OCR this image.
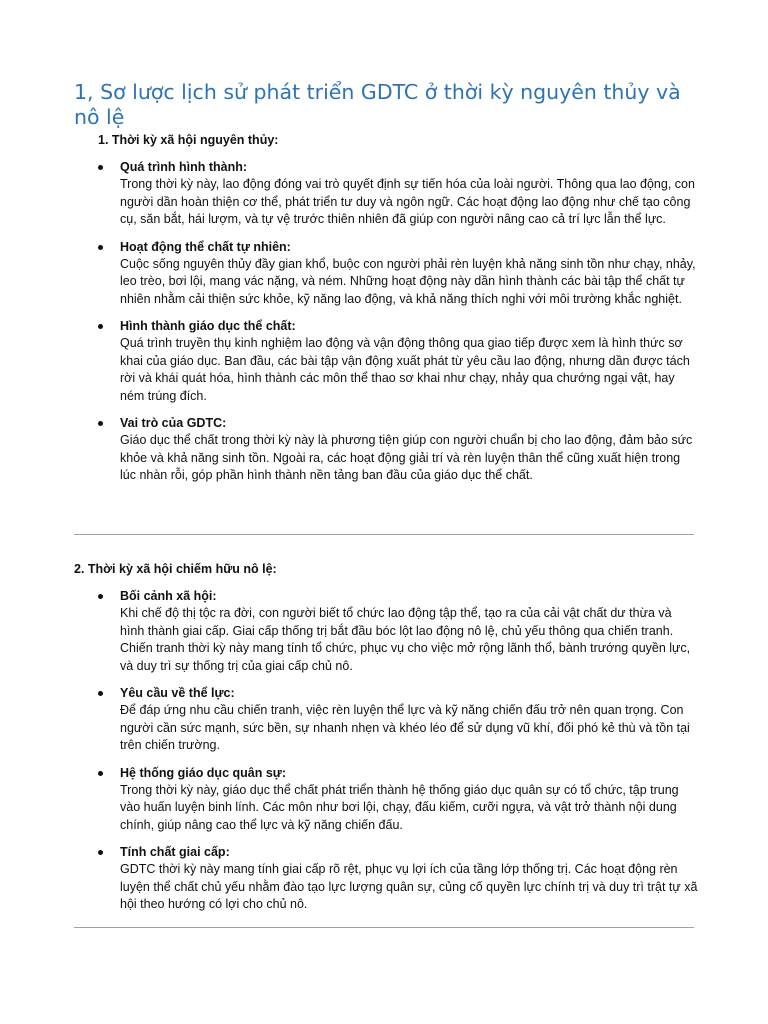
1, Sơ lược lịch sử phát triển GDTC ở thời kỳ nguyên thủy và nô lệ

1. Thời kỳ xã hội nguyên thủy:

Quá trình hình thành:
Trong thời kỳ này, lao động đóng vai trò quyết định sự tiến hóa của loài người. Thông qua lao động, con người dần hoàn thiện cơ thể, phát triển tư duy và ngôn ngữ. Các hoạt động lao động như chế tạo công cụ, săn bắt, hái lượm, và tự vệ trước thiên nhiên đã giúp con người nâng cao cả trí lực lẫn thể lực.
Hoạt động thể chất tự nhiên:
Cuộc sống nguyên thủy đầy gian khổ, buộc con người phải rèn luyện khả năng sinh tồn như chạy, nhảy, leo trèo, bơi lội, mang vác nặng, và ném. Những hoạt động này dần hình thành các bài tập thể chất tự nhiên nhằm cải thiện sức khỏe, kỹ năng lao động, và khả năng thích nghi với môi trường khắc nghiệt.
Hình thành giáo dục thể chất:
Quá trình truyền thụ kinh nghiệm lao động và vận động thông qua giao tiếp được xem là hình thức sơ khai của giáo dục. Ban đầu, các bài tập vận động xuất phát từ yêu cầu lao động, nhưng dần được tách rời và khái quát hóa, hình thành các môn thể thao sơ khai như chạy, nhảy qua chướng ngại vật, hay ném trúng đích.
Vai trò của GDTC:
Giáo dục thể chất trong thời kỳ này là phương tiện giúp con người chuẩn bị cho lao động, đảm bảo sức khỏe và khả năng sinh tồn. Ngoài ra, các hoạt động giải trí và rèn luyện thân thể cũng xuất hiện trong lúc nhàn rỗi, góp phần hình thành nền tảng ban đầu của giáo dục thể chất.

2. Thời kỳ xã hội chiếm hữu nô lệ:

Bối cảnh xã hội:
Khi chế độ thị tộc ra đời, con người biết tổ chức lao động tập thể, tạo ra của cải vật chất dư thừa và hình thành giai cấp. Giai cấp thống trị bắt đầu bóc lột lao động nô lệ, chủ yếu thông qua chiến tranh. Chiến tranh thời kỳ này mang tính tổ chức, phục vụ cho việc mở rộng lãnh thổ, bành trướng quyền lực, và duy trì sự thống trị của giai cấp chủ nô.
Yêu cầu về thể lực:
Để đáp ứng nhu cầu chiến tranh, việc rèn luyện thể lực và kỹ năng chiến đấu trở nên quan trọng. Con người cần sức mạnh, sức bền, sự nhanh nhẹn và khéo léo để sử dụng vũ khí, đối phó kẻ thù và tồn tại trên chiến trường.
Hệ thống giáo dục quân sự:
Trong thời kỳ này, giáo dục thể chất phát triển thành hệ thống giáo dục quân sự có tổ chức, tập trung vào huấn luyện binh lính. Các môn như bơi lội, chạy, đấu kiếm, cưỡi ngựa, và vật trở thành nội dung chính, giúp nâng cao thể lực và kỹ năng chiến đấu.
Tính chất giai cấp:
GDTC thời kỳ này mang tính giai cấp rõ rệt, phục vụ lợi ích của tầng lớp thống trị. Các hoạt động rèn luyện thể chất chủ yếu nhằm đào tạo lực lượng quân sự, củng cố quyền lực chính trị và duy trì trật tự xã hội theo hướng có lợi cho chủ nô.
